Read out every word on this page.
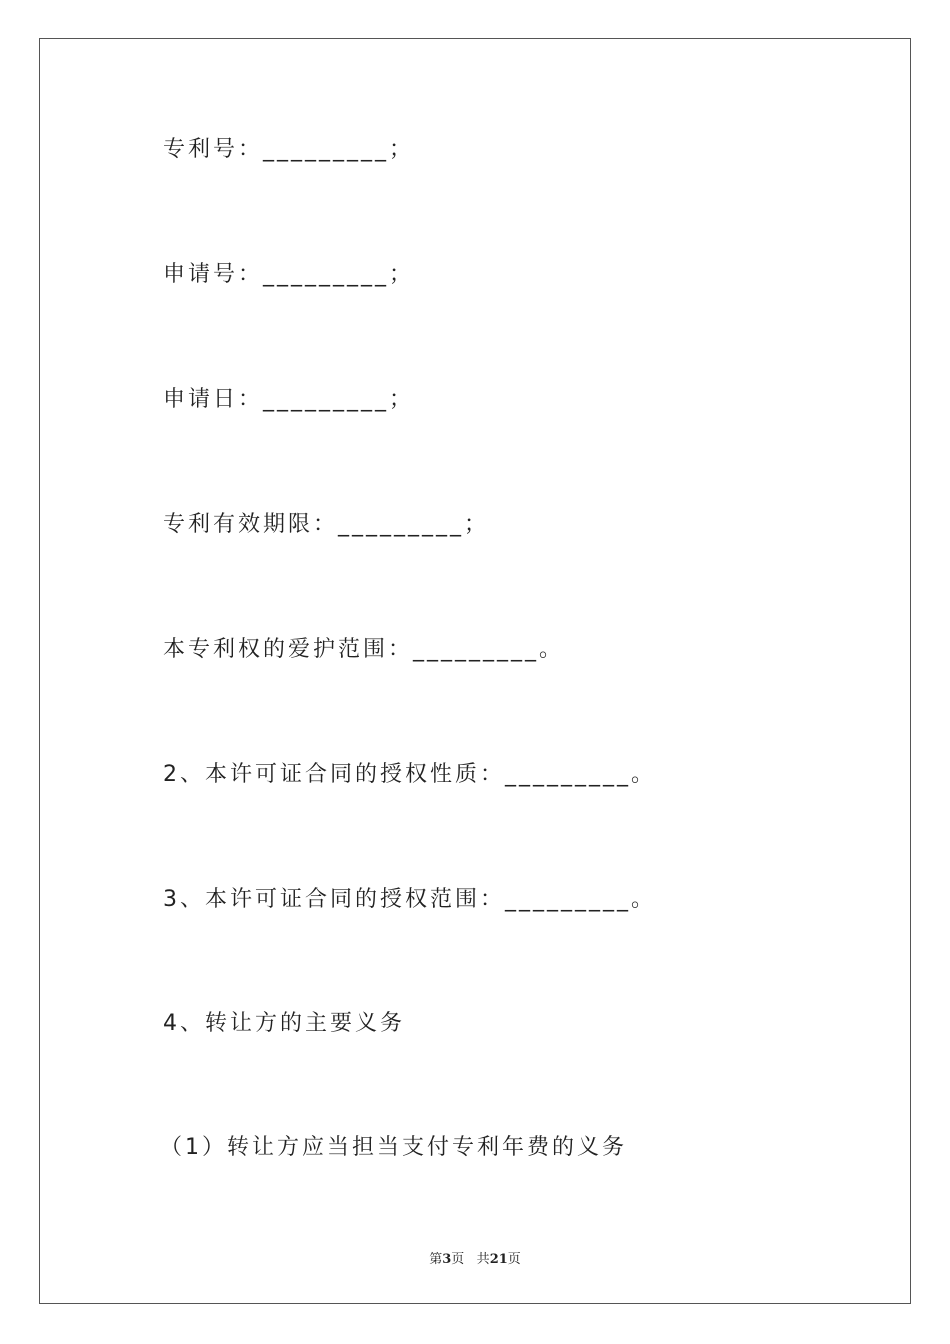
专利号：_________；

申请号：_________；

申请日：_________；

专利有效期限：_________；

本专利权的爱护范围：_________。

2、本许可证合同的授权性质：_________。

3、本许可证合同的授权范围：_________。

4、转让方的主要义务

（1）转让方应当担当支付专利年费的义务

第3页 共21页
